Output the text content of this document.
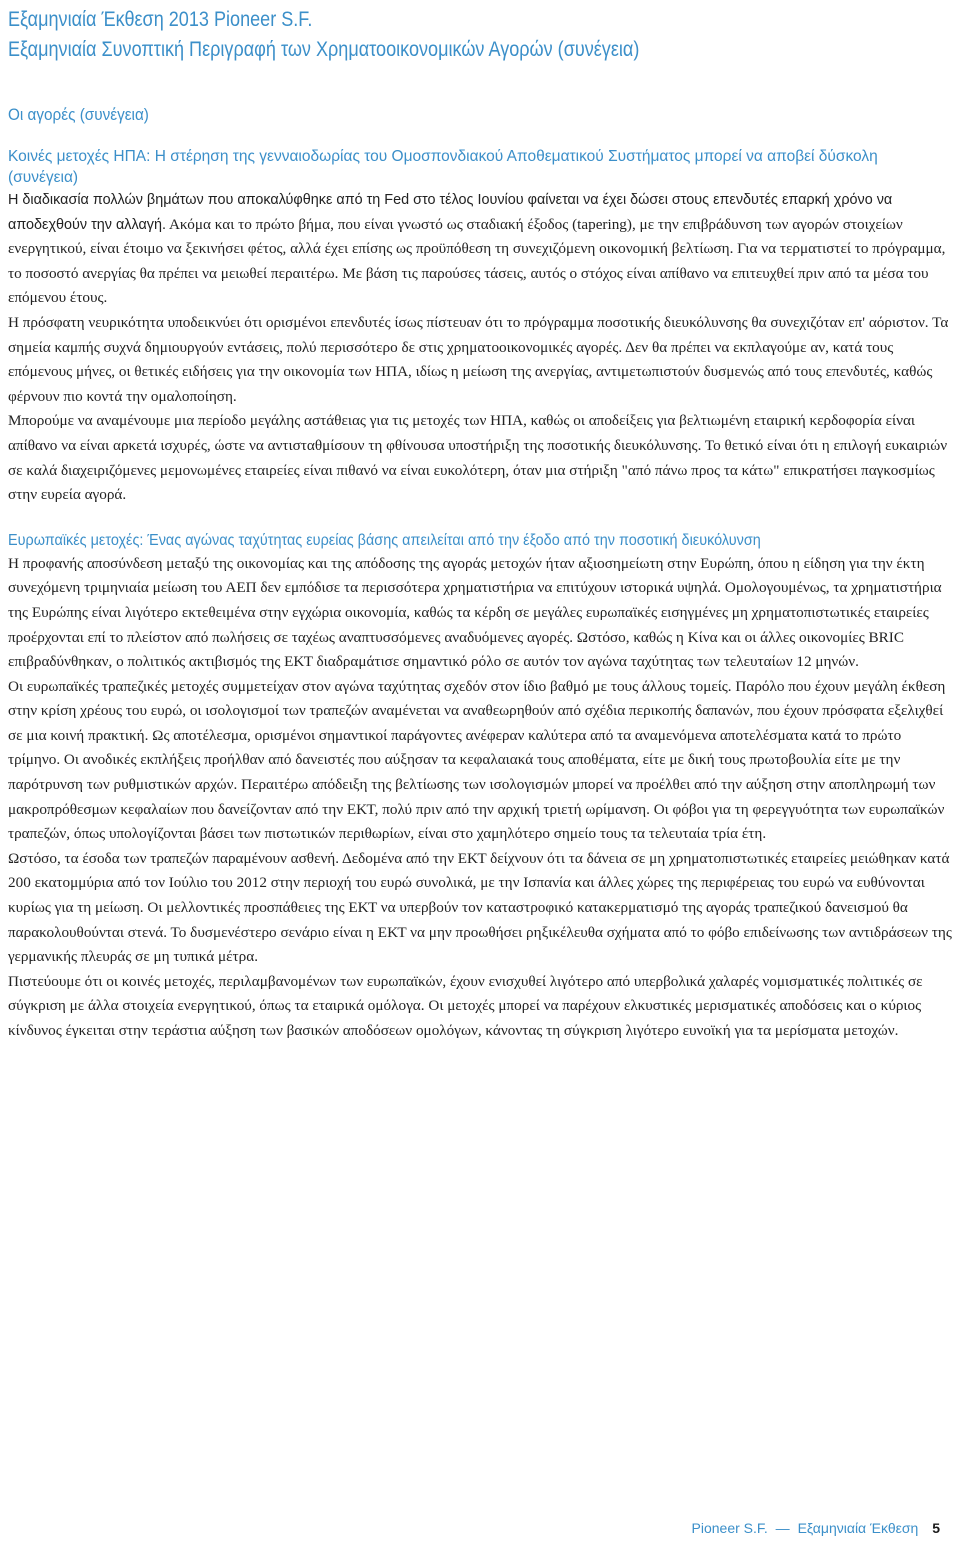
Εξαμηνιαία Έκθεση 2013 Pioneer S.F.
Εξαμηνιαία Συνοπτική Περιγραφή των Χρηματοοικονομικών Αγορών (συνέγεια)
Οι αγορές (συνέγεια)
Κοινές μετοχές ΗΠΑ: Η στέρηση της γενναιοδωρίας του Ομοσπονδιακού Αποθεματικού Συστήματος μπορεί να αποβεί δύσκολη (συνέγεια)

Η διαδικασία πολλών βημάτων που αποκαλύφθηκε από τη Fed στο τέλος Ιουνίου φαίνεται να έχει δώσει στους επενδυτές επαρκή χρόνο να αποδεχθούν την αλλαγή. Ακόμα και το πρώτο βήμα, που είναι γνωστό ως σταδιακή έξοδος (tapering), με την επιβράδυνση των αγορών στοιχείων ενεργητικού, είναι έτοιμο να ξεκινήσει φέτος, αλλά έχει επίσης ως προϋπόθεση τη συνεχιζόμενη οικονομική βελτίωση. Για να τερματιστεί το πρόγραμμα, το ποσοστό ανεργίας θα πρέπει να μειωθεί περαιτέρω. Με βάση τις παρούσες τάσεις, αυτός ο στόχος είναι απίθανο να επιτευχθεί πριν από τα μέσα του επόμενου έτους.

Η πρόσφατη νευρικότητα υποδεικνύει ότι ορισμένοι επενδυτές ίσως πίστευαν ότι το πρόγραμμα ποσοτικής διευκόλυνσης θα συνεχιζόταν επ' αόριστον. Τα σημεία καμπής συχνά δημιουργούν εντάσεις, πολύ περισσότερο δε στις χρηματοοικονομικές αγορές. Δεν θα πρέπει να εκπλαγούμε αν, κατά τους επόμενους μήνες, οι θετικές ειδήσεις για την οικονομία των ΗΠΑ, ιδίως η μείωση της ανεργίας, αντιμετωπιστούν δυσμενώς από τους επενδυτές, καθώς φέρνουν πιο κοντά την ομαλοποίηση.

Μπορούμε να αναμένουμε μια περίοδο μεγάλης αστάθειας για τις μετοχές των ΗΠΑ, καθώς οι αποδείξεις για βελτιωμένη εταιρική κερδοφορία είναι απίθανο να είναι αρκετά ισχυρές, ώστε να αντισταθμίσουν τη φθίνουσα υποστήριξη της ποσοτικής διευκόλυνσης. Το θετικό είναι ότι η επιλογή ευκαιριών σε καλά διαχειριζόμενες μεμονωμένες εταιρείες είναι πιθανό να είναι ευκολότερη, όταν μια στήριξη "από πάνω προς τα κάτω" επικρατήσει παγκοσμίως στην ευρεία αγορά.

Ευρωπαϊκές μετοχές: Ένας αγώνας ταχύτητας ευρείας βάσης απειλείται από την έξοδο από την ποσοτική διευκόλυνση

Η προφανής αποσύνδεση μεταξύ της οικονομίας και της απόδοσης της αγοράς μετοχών ήταν αξιοσημείωτη στην Ευρώπη, όπου η είδηση για την έκτη συνεχόμενη τριμηνιαία μείωση του ΑΕΠ δεν εμπόδισε τα περισσότερα χρηματιστήρια να επιτύχουν ιστορικά υψηλά. Ομολογουμένως, τα χρηματιστήρια της Ευρώπης είναι λιγότερο εκτεθειμένα στην εγχώρια οικονομία, καθώς τα κέρδη σε μεγάλες ευρωπαϊκές εισηγμένες μη χρηματοπιστωτικές εταιρείες προέρχονται επί το πλείστον από πωλήσεις σε ταχέως αναπτυσσόμενες αναδυόμενες αγορές. Ωστόσο, καθώς η Κίνα και οι άλλες οικονομίες BRIC επιβραδύνθηκαν, ο πολιτικός ακτιβισμός της ΕΚΤ διαδραμάτισε σημαντικό ρόλο σε αυτόν τον αγώνα ταχύτητας των τελευταίων 12 μηνών.

Οι ευρωπαϊκές τραπεζικές μετοχές συμμετείχαν στον αγώνα ταχύτητας σχεδόν στον ίδιο βαθμό με τους άλλους τομείς. Παρόλο που έχουν μεγάλη έκθεση στην κρίση χρέους του ευρώ, οι ισολογισμοί των τραπεζών αναμένεται να αναθεωρηθούν από σχέδια περικοπής δαπανών, που έχουν πρόσφατα εξελιχθεί σε μια κοινή πρακτική. Ως αποτέλεσμα, ορισμένοι σημαντικοί παράγοντες ανέφεραν καλύτερα από τα αναμενόμενα αποτελέσματα κατά το πρώτο τρίμηνο. Οι ανοδικές εκπλήξεις προήλθαν από δανειστές που αύξησαν τα κεφαλαιακά τους αποθέματα, είτε με δική τους πρωτοβουλία είτε με την παρότρυνση των ρυθμιστικών αρχών. Περαιτέρω απόδειξη της βελτίωσης των ισολογισμών μπορεί να προέλθει από την αύξηση στην αποπληρωμή των μακροπρόθεσμων κεφαλαίων που δανείζονταν από την ΕΚΤ, πολύ πριν από την αρχική τριετή ωρίμανση. Οι φόβοι για τη φερεγγυότητα των ευρωπαϊκών τραπεζών, όπως υπολογίζονται βάσει των πιστωτικών περιθωρίων, είναι στο χαμηλότερο σημείο τους τα τελευταία τρία έτη.

Ωστόσο, τα έσοδα των τραπεζών παραμένουν ασθενή. Δεδομένα από την ΕΚΤ δείχνουν ότι τα δάνεια σε μη χρηματοπιστωτικές εταιρείες μειώθηκαν κατά 200 εκατομμύρια από τον Ιούλιο του 2012 στην περιοχή του ευρώ συνολικά, με την Ισπανία και άλλες χώρες της περιφέρειας του ευρώ να ευθύνονται κυρίως για τη μείωση. Οι μελλοντικές προσπάθειες της ΕΚΤ να υπερβούν τον καταστροφικό κατακερματισμό της αγοράς τραπεζικού δανεισμού θα παρακολουθούνται στενά. Το δυσμενέστερο σενάριο είναι η ΕΚΤ να μην προωθήσει ρηξικέλευθα σχήματα από το φόβο επιδείνωσης των αντιδράσεων της γερμανικής πλευράς σε μη τυπικά μέτρα.

Πιστεύουμε ότι οι κοινές μετοχές, περιλαμβανομένων των ευρωπαϊκών, έχουν ενισχυθεί λιγότερο από υπερβολικά χαλαρές νομισματικές πολιτικές σε σύγκριση με άλλα στοιχεία ενεργητικού, όπως τα εταιρικά ομόλογα. Οι μετοχές μπορεί να παρέχουν ελκυστικές μερισματικές αποδόσεις και ο κύριος κίνδυνος έγκειται στην τεράστια αύξηση των βασικών αποδόσεων ομολόγων, κάνοντας τη σύγκριση λιγότερο ευνοϊκή για τα μερίσματα μετοχών.

Pioneer S.F. — Εξαμηνιαία Έκθεση 5
